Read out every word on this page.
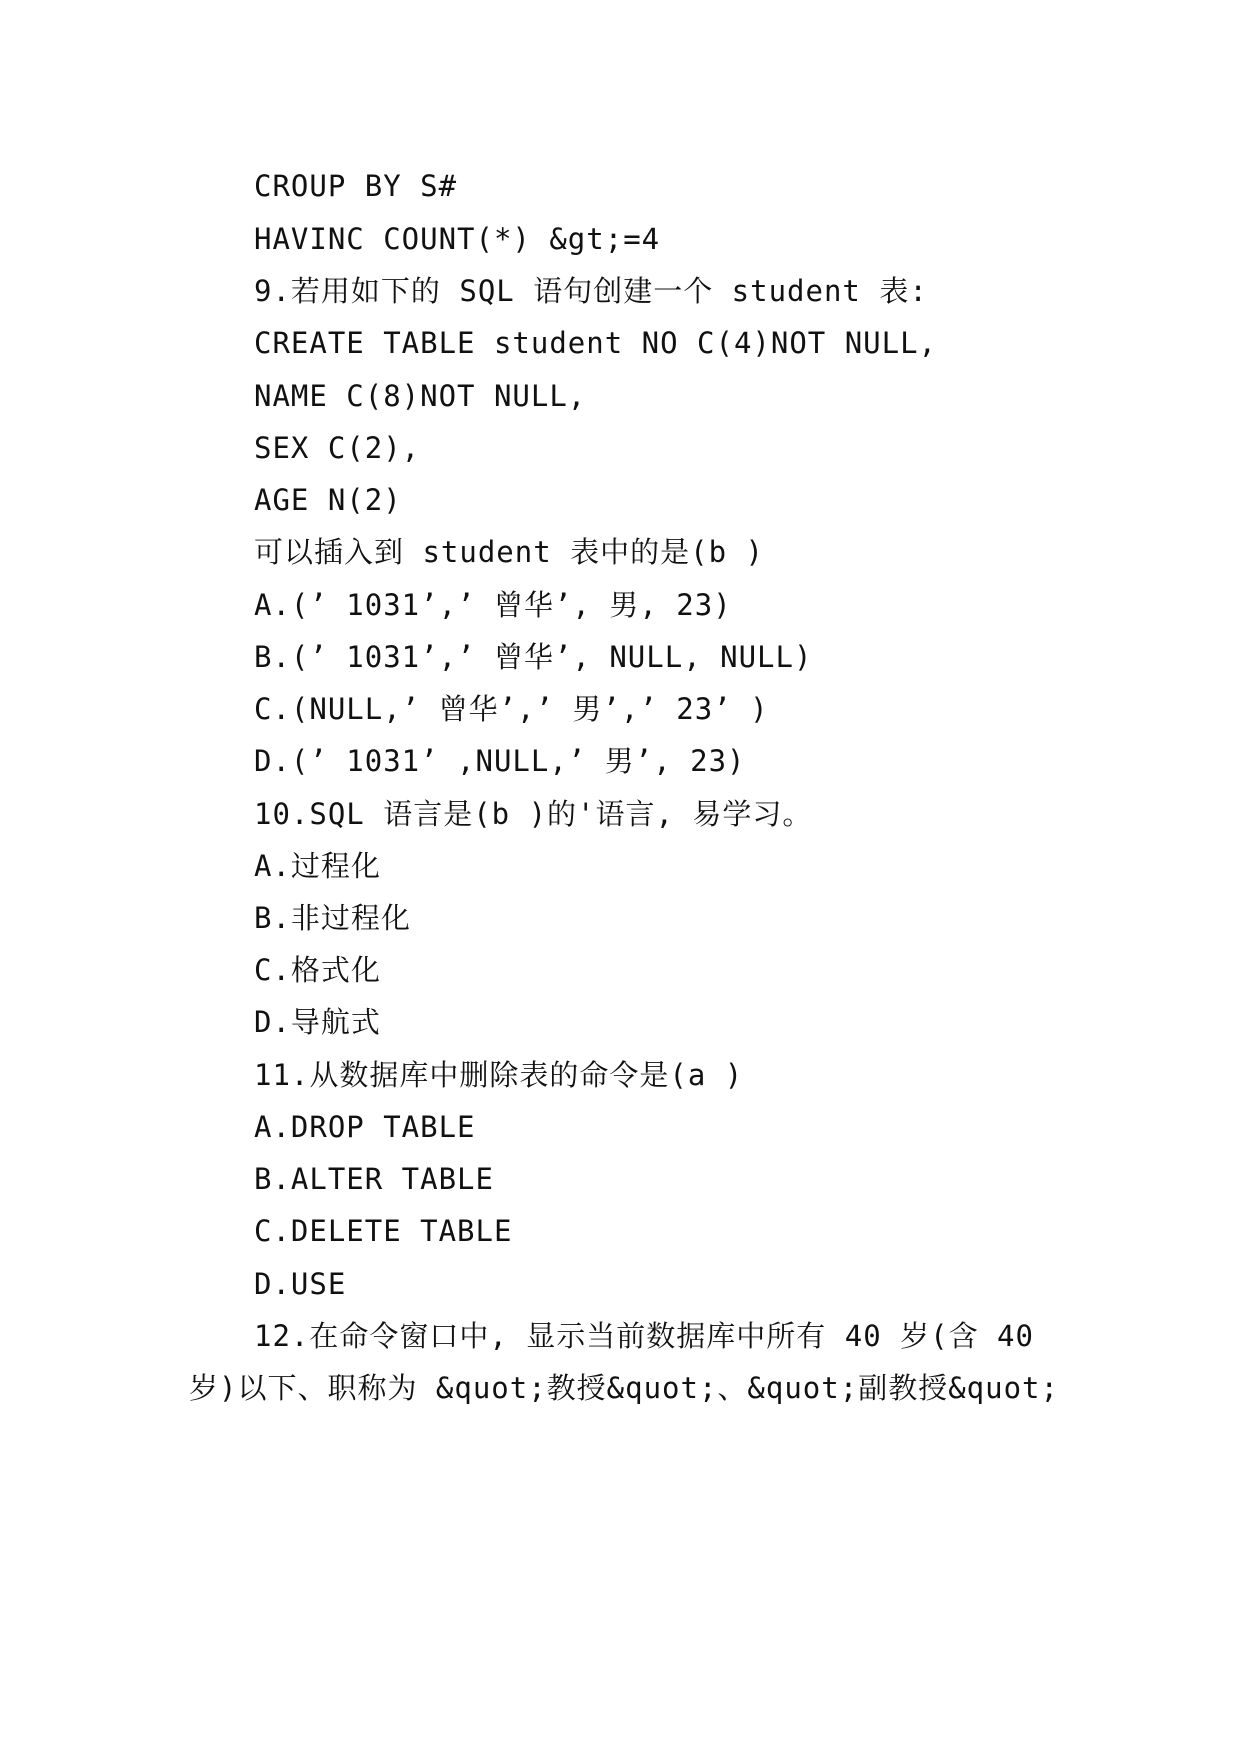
CROUP BY S#
HAVINC COUNT(*) &gt;=4
9.若用如下的 SQL 语句创建一个 student 表:
CREATE TABLE student NO C(4)NOT NULL,
NAME C(8)NOT NULL,
SEX C(2),
AGE N(2)
可以插入到 student 表中的是(b )
A.(’ 1031’,’ 曾华’, 男, 23)
B.(’ 1031’,’ 曾华’, NULL, NULL)
C.(NULL,’ 曾华’,’ 男’,’ 23’ )
D.(’ 1031’ ,NULL,’ 男’, 23)
10.SQL 语言是(b )的'语言, 易学习。
A.过程化
B.非过程化
C.格式化
D.导航式
11.从数据库中删除表的命令是(a )
A.DROP TABLE
B.ALTER TABLE
C.DELETE TABLE
D.USE
12.在命令窗口中, 显示当前数据库中所有 40 岁(含 40
岁)以下、职称为 &quot;教授&quot;、&quot;副教授&quot;
